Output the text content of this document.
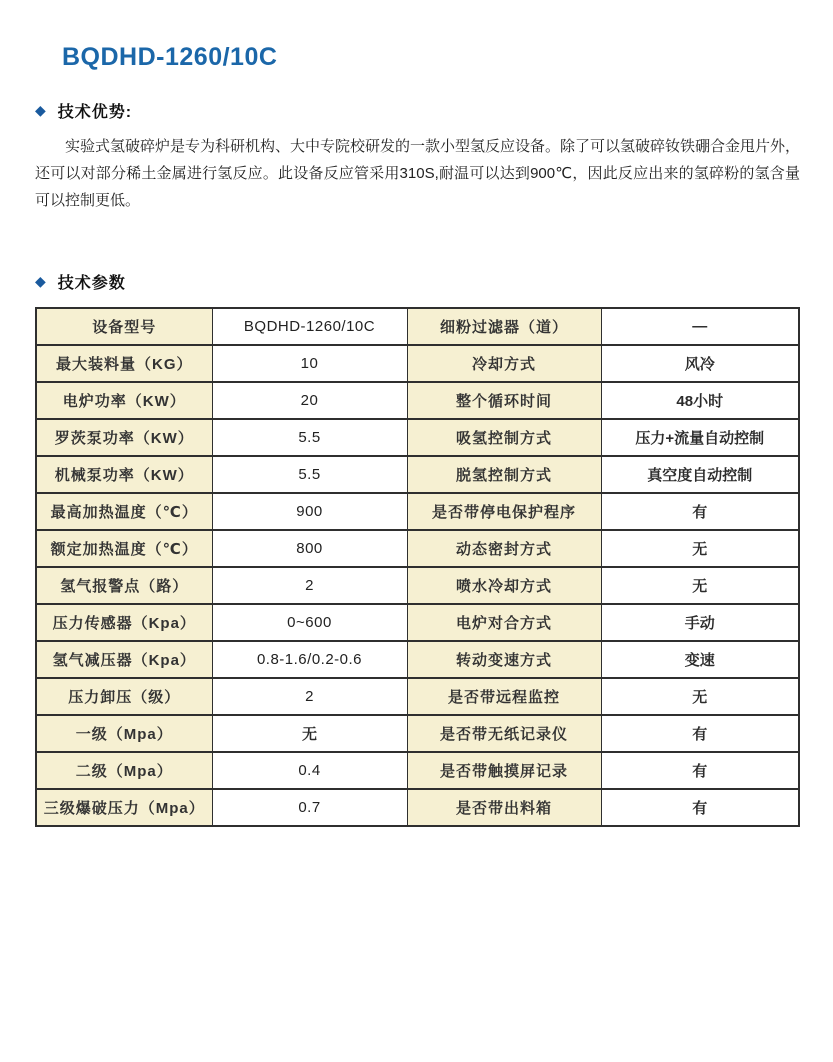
BQDHD-1260/10C
◆ 技术优势:

实验式氢破碎炉是专为科研机构、大中专院校研发的一款小型氢反应设备。除了可以氢破碎钕铁硼合金甩片外，还可以对部分稀土金属进行氢反应。此设备反应管采用310S,耐温可以达到900℃，因此反应出来的氢碎粉的氢含量可以控制更低。

◆ 技术参数
设备型号	BQDHD-1260/10C	细粉过滤器（道）	—
最大装料量（KG）	10	冷却方式	风冷
电炉功率（KW）	20	整个循环时间	48小时
罗茨泵功率（KW）	5.5	吸氢控制方式	压力+流量自动控制
机械泵功率（KW）	5.5	脱氢控制方式	真空度自动控制
最高加热温度（℃）	900	是否带停电保护程序	有
额定加热温度（℃）	800	动态密封方式	无
氢气报警点（路）	2	喷水冷却方式	无
压力传感器（Kpa）	0~600	电炉对合方式	手动
氢气减压器（Kpa）	0.8-1.6/0.2-0.6	转动变速方式	变速
压力卸压（级）	2	是否带远程监控	无
一级（Mpa）	无	是否带无纸记录仪	有
二级（Mpa）	0.4	是否带触摸屏记录	有
三级爆破压力（Mpa）	0.7	是否带出料箱	有
